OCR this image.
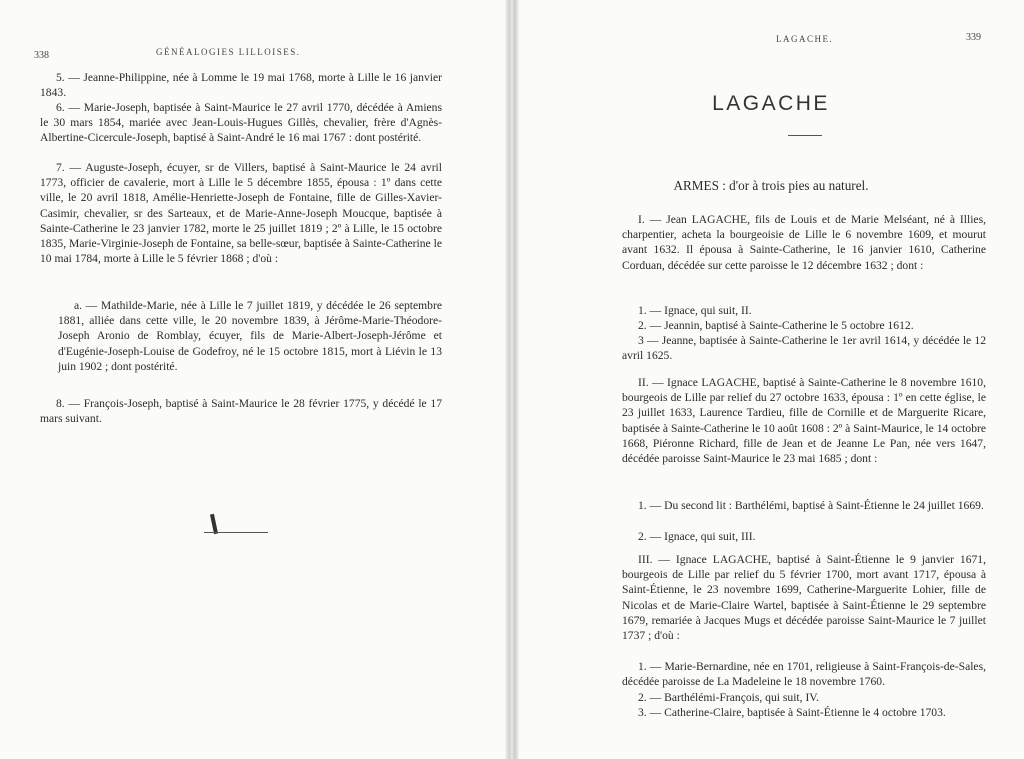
338	GÉNÉALOGIES LILLOISES.

5. — Jeanne-Philippine, née à Lomme le 19 mai 1768, morte à Lille le 16 janvier 1843.

6. — Marie-Joseph, baptisée à Saint-Maurice le 27 avril 1770, décédée à Amiens le 30 mars 1854, mariée avec Jean-Louis-Hugues Gillès, chevalier, frère d'Agnès-Albertine-Cicercule-Joseph, baptisé à Saint-André le 16 mai 1767 : dont postérité.

7. — Auguste-Joseph, écuyer, sr de Villers, baptisé à Saint-Maurice le 24 avril 1773, officier de cavalerie, mort à Lille le 5 décembre 1855, épousa : 1º dans cette ville, le 20 avril 1818, Amélie-Henriette-Joseph de Fontaine, fille de Gilles-Xavier-Casimir, chevalier, sr des Sarteaux, et de Marie-Anne-Joseph Moucque, baptisée à Sainte-Catherine le 23 janvier 1782, morte le 25 juillet 1819 ; 2º à Lille, le 15 octobre 1835, Marie-Virginie-Joseph de Fontaine, sa belle-sœur, baptisée à Sainte-Catherine le 10 mai 1784, morte à Lille le 5 février 1868 ; d'où :

a. — Mathilde-Marie, née à Lille le 7 juillet 1819, y décédée le 26 septembre 1881, alliée dans cette ville, le 20 novembre 1839, à Jérôme-Marie-Théodore-Joseph Aronio de Romblay, écuyer, fils de Marie-Albert-Joseph-Jérôme et d'Eugénie-Joseph-Louise de Godefroy, né le 15 octobre 1815, mort à Liévin le 13 juin 1902 ; dont postérité.

8. — François-Joseph, baptisé à Saint-Maurice le 28 février 1775, y décédé le 17 mars suivant.

LAGACHE.	339
LAGACHE

ARMES : d'or à trois pies au naturel.

I. — Jean LAGACHE, fils de Louis et de Marie Melséant, né à Illies, charpentier, acheta la bourgeoisie de Lille le 6 novembre 1609, et mourut avant 1632. Il épousa à Sainte-Catherine, le 16 janvier 1610, Catherine Corduan, décédée sur cette paroisse le 12 décembre 1632 ; dont :

1. — Ignace, qui suit, II.

2. — Jeannin, baptisé à Sainte-Catherine le 5 octobre 1612.

3 — Jeanne, baptisée à Sainte-Catherine le 1er avril 1614, y décédée le 12 avril 1625.

II. — Ignace LAGACHE, baptisé à Sainte-Catherine le 8 novembre 1610, bourgeois de Lille par relief du 27 octobre 1633, épousa : 1º en cette église, le 23 juillet 1633, Laurence Tardieu, fille de Cornille et de Marguerite Ricare, baptisée à Sainte-Catherine le 10 août 1608 : 2º à Saint-Maurice, le 14 octobre 1668, Piéronne Richard, fille de Jean et de Jeanne Le Pan, née vers 1647, décédée paroisse Saint-Maurice le 23 mai 1685 ; dont :

1. — Du second lit : Barthélémi, baptisé à Saint-Étienne le 24 juillet 1669.

2. — Ignace, qui suit, III.

III. — Ignace LAGACHE, baptisé à Saint-Étienne le 9 janvier 1671, bourgeois de Lille par relief du 5 février 1700, mort avant 1717, épousa à Saint-Étienne, le 23 novembre 1699, Catherine-Marguerite Lohier, fille de Nicolas et de Marie-Claire Wartel, baptisée à Saint-Étienne le 29 septembre 1679, remariée à Jacques Mugs et décédée paroisse Saint-Maurice le 7 juillet 1737 ; d'où :

1. — Marie-Bernardine, née en 1701, religieuse à Saint-François-de-Sales, décédée paroisse de La Madeleine le 18 novembre 1760.

2. — Barthélémi-François, qui suit, IV.

3. — Catherine-Claire, baptisée à Saint-Étienne le 4 octobre 1703.
